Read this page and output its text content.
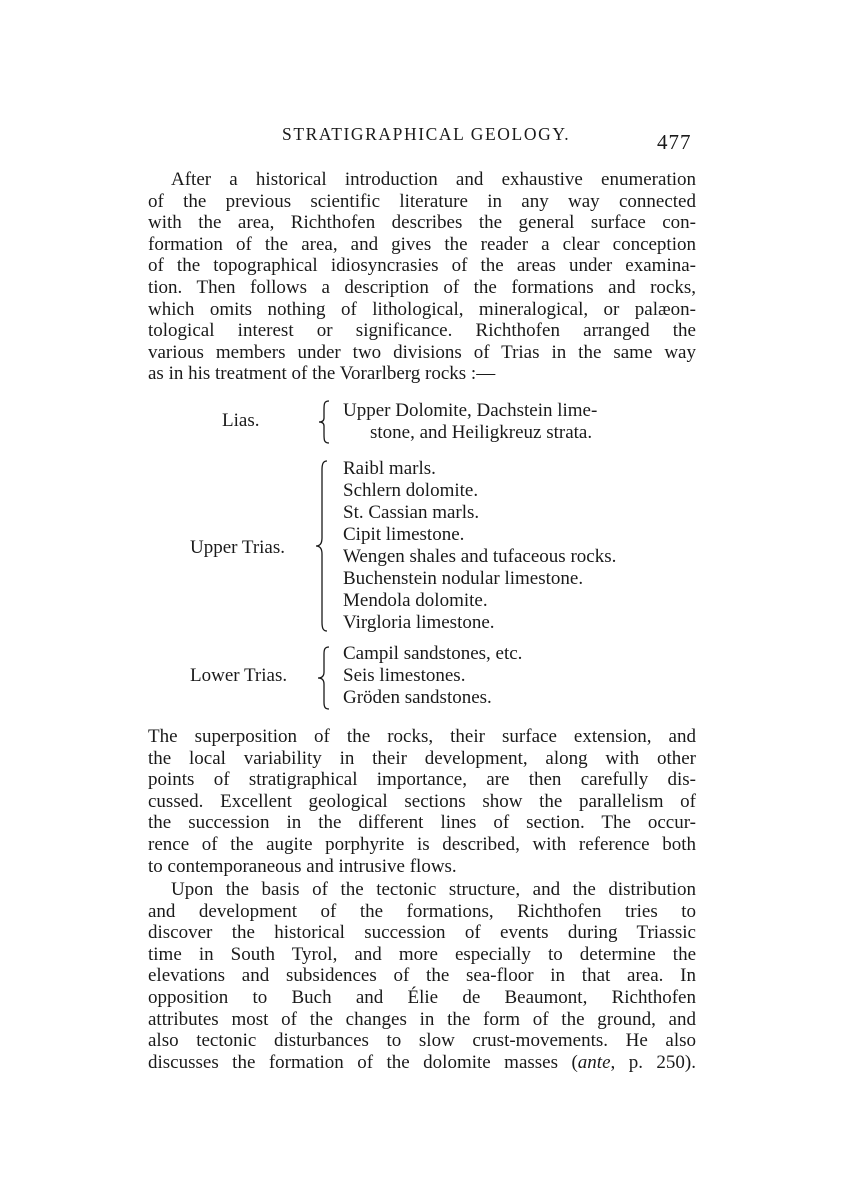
STRATIGRAPHICAL GEOLOGY.	477
After a historical introduction and exhaustive enumeration
of the previous scientific literature in any way connected
with the area, Richthofen describes the general surface con-
formation of the area, and gives the reader a clear conception
of the topographical idiosyncrasies of the areas under examina-
tion. Then follows a description of the formations and rocks,
which omits nothing of lithological, mineralogical, or palæon-
tological interest or significance. Richthofen arranged the
various members under two divisions of Trias in the same way
as in his treatment of the Vorarlberg rocks :—
Lias.	Upper Dolomite, Dachstein lime-
stone, and Heiligkreuz strata.
Upper Trias.
Raibl marls.
Schlern dolomite.
St. Cassian marls.
Cipit limestone.
Wengen shales and tufaceous rocks.
Buchenstein nodular limestone.
Mendola dolomite.
Virgloria limestone.
Lower Trias.
Campil sandstones, etc.
Seis limestones.
Gröden sandstones.
The superposition of the rocks, their surface extension, and
the local variability in their development, along with other
points of stratigraphical importance, are then carefully dis-
cussed. Excellent geological sections show the parallelism of
the succession in the different lines of section. The occur-
rence of the augite porphyrite is described, with reference both
to contemporaneous and intrusive flows.
Upon the basis of the tectonic structure, and the distribution
and development of the formations, Richthofen tries to
discover the historical succession of events during Triassic
time in South Tyrol, and more especially to determine the
elevations and subsidences of the sea-floor in that area. In
opposition to Buch and Élie de Beaumont, Richthofen
attributes most of the changes in the form of the ground, and
also tectonic disturbances to slow crust-movements. He also
discusses the formation of the dolomite masses (ante, p. 250).
